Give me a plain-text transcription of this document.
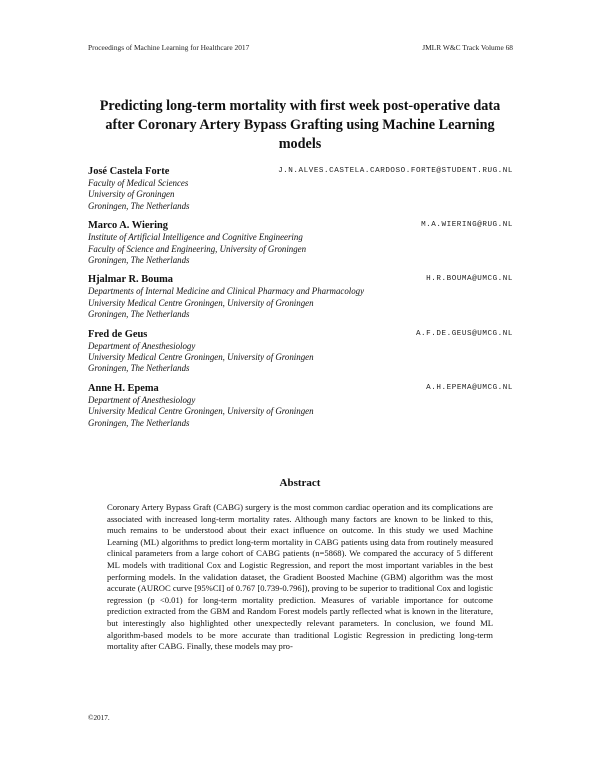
Proceedings of Machine Learning for Healthcare 2017	JMLR W&C Track Volume 68
Predicting long-term mortality with first week post-operative data after Coronary Artery Bypass Grafting using Machine Learning models
José Castela Forte	J.N.ALVES.CASTELA.CARDOSO.FORTE@STUDENT.RUG.NL
Faculty of Medical Sciences
University of Groningen
Groningen, The Netherlands
Marco A. Wiering	M.A.WIERING@RUG.NL
Institute of Artificial Intelligence and Cognitive Engineering
Faculty of Science and Engineering, University of Groningen
Groningen, The Netherlands
Hjalmar R. Bouma	H.R.BOUMA@UMCG.NL
Departments of Internal Medicine and Clinical Pharmacy and Pharmacology
University Medical Centre Groningen, University of Groningen
Groningen, The Netherlands
Fred de Geus	A.F.DE.GEUS@UMCG.NL
Department of Anesthesiology
University Medical Centre Groningen, University of Groningen
Groningen, The Netherlands
Anne H. Epema	A.H.EPEMA@UMCG.NL
Department of Anesthesiology
University Medical Centre Groningen, University of Groningen
Groningen, The Netherlands
Abstract
Coronary Artery Bypass Graft (CABG) surgery is the most common cardiac operation and its complications are associated with increased long-term mortality rates. Although many factors are known to be linked to this, much remains to be understood about their exact influence on outcome. In this study we used Machine Learning (ML) algorithms to predict long-term mortality in CABG patients using data from routinely measured clinical parameters from a large cohort of CABG patients (n=5868). We compared the accuracy of 5 different ML models with traditional Cox and Logistic Regression, and report the most important variables in the best performing models. In the validation dataset, the Gradient Boosted Machine (GBM) algorithm was the most accurate (AUROC curve [95%CI] of 0.767 [0.739-0.796]), proving to be superior to traditional Cox and logistic regression (p <0.01) for long-term mortality prediction. Measures of variable importance for outcome prediction extracted from the GBM and Random Forest models partly reflected what is known in the literature, but interestingly also highlighted other unexpectedly relevant parameters. In conclusion, we found ML algorithm-based models to be more accurate than traditional Logistic Regression in predicting long-term mortality after CABG. Finally, these models may pro-
©2017.
